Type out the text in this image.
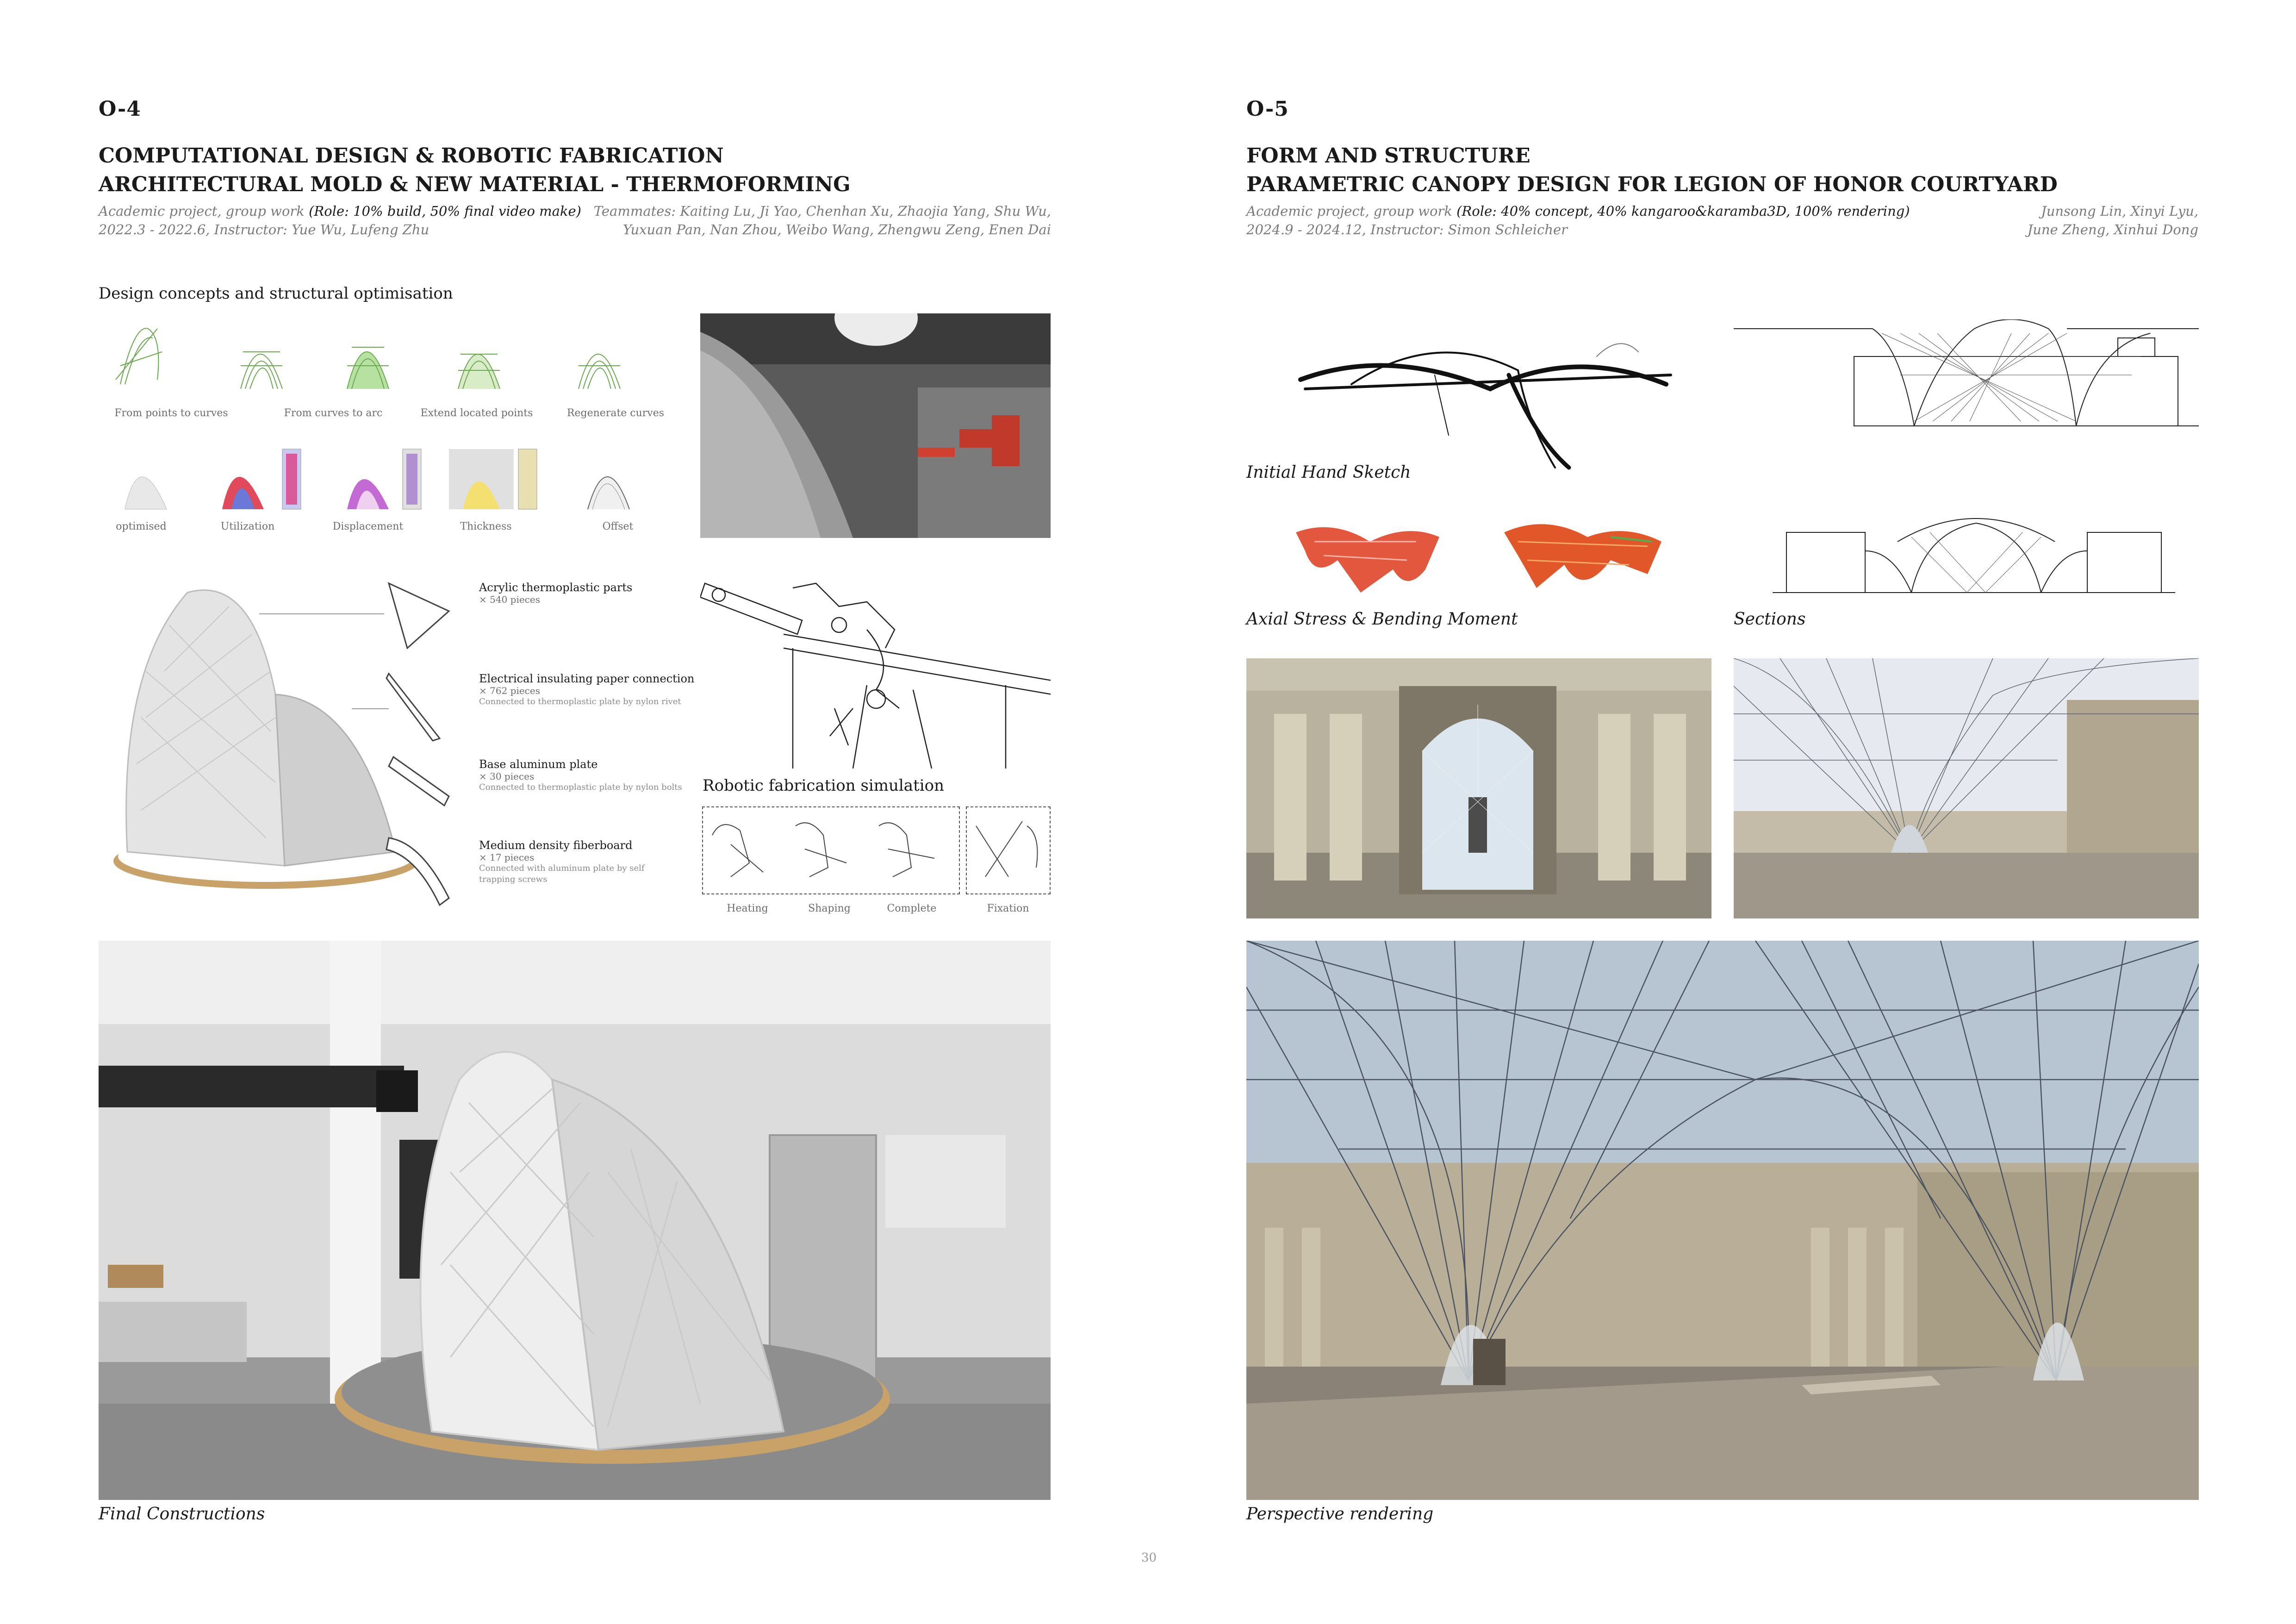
O-4
COMPUTATIONAL DESIGN & ROBOTIC FABRICATION
ARCHITECTURAL MOLD & NEW MATERIAL - THERMOFORMING
Academic project, group work (Role: 10% build, 50% final video make)
2022.3 - 2022.6, Instructor: Yue Wu, Lufeng Zhu
Teammates: Kaiting Lu, Ji Yao, Chenhan Xu, Zhaojia Yang, Shu Wu,
Yuxuan Pan, Nan Zhou, Weibo Wang, Zhengwu Zeng, Enen Dai
Design concepts and structural optimisation
From points to curves	From curves to arc	Extend located points	Regenerate curves
optimised	Utilization	Displacement	Thickness	Offset
Acrylic thermoplastic parts
× 540 pieces
Electrical insulating paper connection
× 762 pieces
Connected to thermoplastic plate by nylon rivet
Base aluminum plate
× 30 pieces
Connected to thermoplastic plate by nylon bolts
Medium density fiberboard
× 17 pieces
Connected with aluminum plate by self trapping screws
Robotic fabrication simulation
Heating	Shaping	Complete	Fixation
Final Constructions
O-5
FORM AND STRUCTURE
PARAMETRIC CANOPY DESIGN FOR LEGION OF HONOR COURTYARD
Academic project, group work (Role: 40% concept, 40% kangaroo&karamba3D, 100% rendering)
2024.9 - 2024.12, Instructor: Simon Schleicher
Junsong Lin, Xinyi Lyu,
June Zheng, Xinhui Dong
Initial Hand Sketch
Axial Stress & Bending Moment	Sections
Perspective rendering
30
